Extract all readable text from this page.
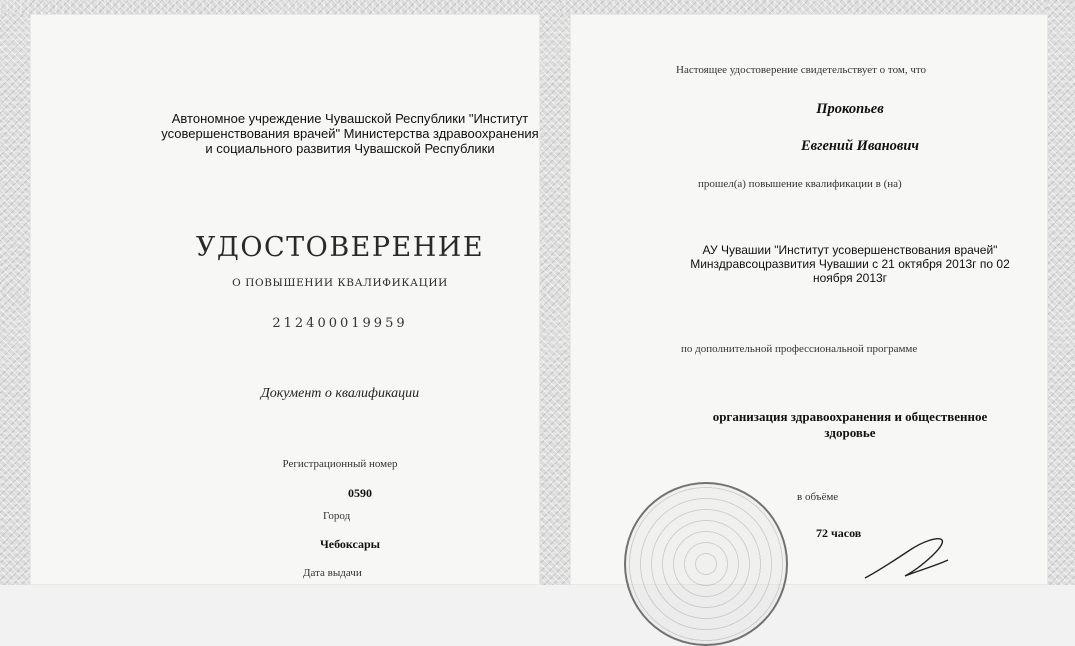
Автономное учреждение Чувашской Республики "Институт
усовершенствования врачей" Министерства здравоохранения
и социального развития Чувашской Республики
УДОСТОВЕРЕНИЕ
О ПОВЫШЕНИИ КВАЛИФИКАЦИИ
212400019959
Документ о квалификации
Регистрационный номер
0590
Город
Чебоксары
Дата выдачи
Настоящее удостоверение свидетельствует о том, что
Прокопьев
Евгений Иванович
прошел(а) повышение квалификации в (на)
АУ Чувашии "Институт усовершенствования врачей"
Минздравсоцразвития Чувашии с 21 октября 2013г по 02
ноября 2013г
по дополнительной профессиональной программе
организация здравоохранения и общественное
здоровье
в объёме
72 часов
